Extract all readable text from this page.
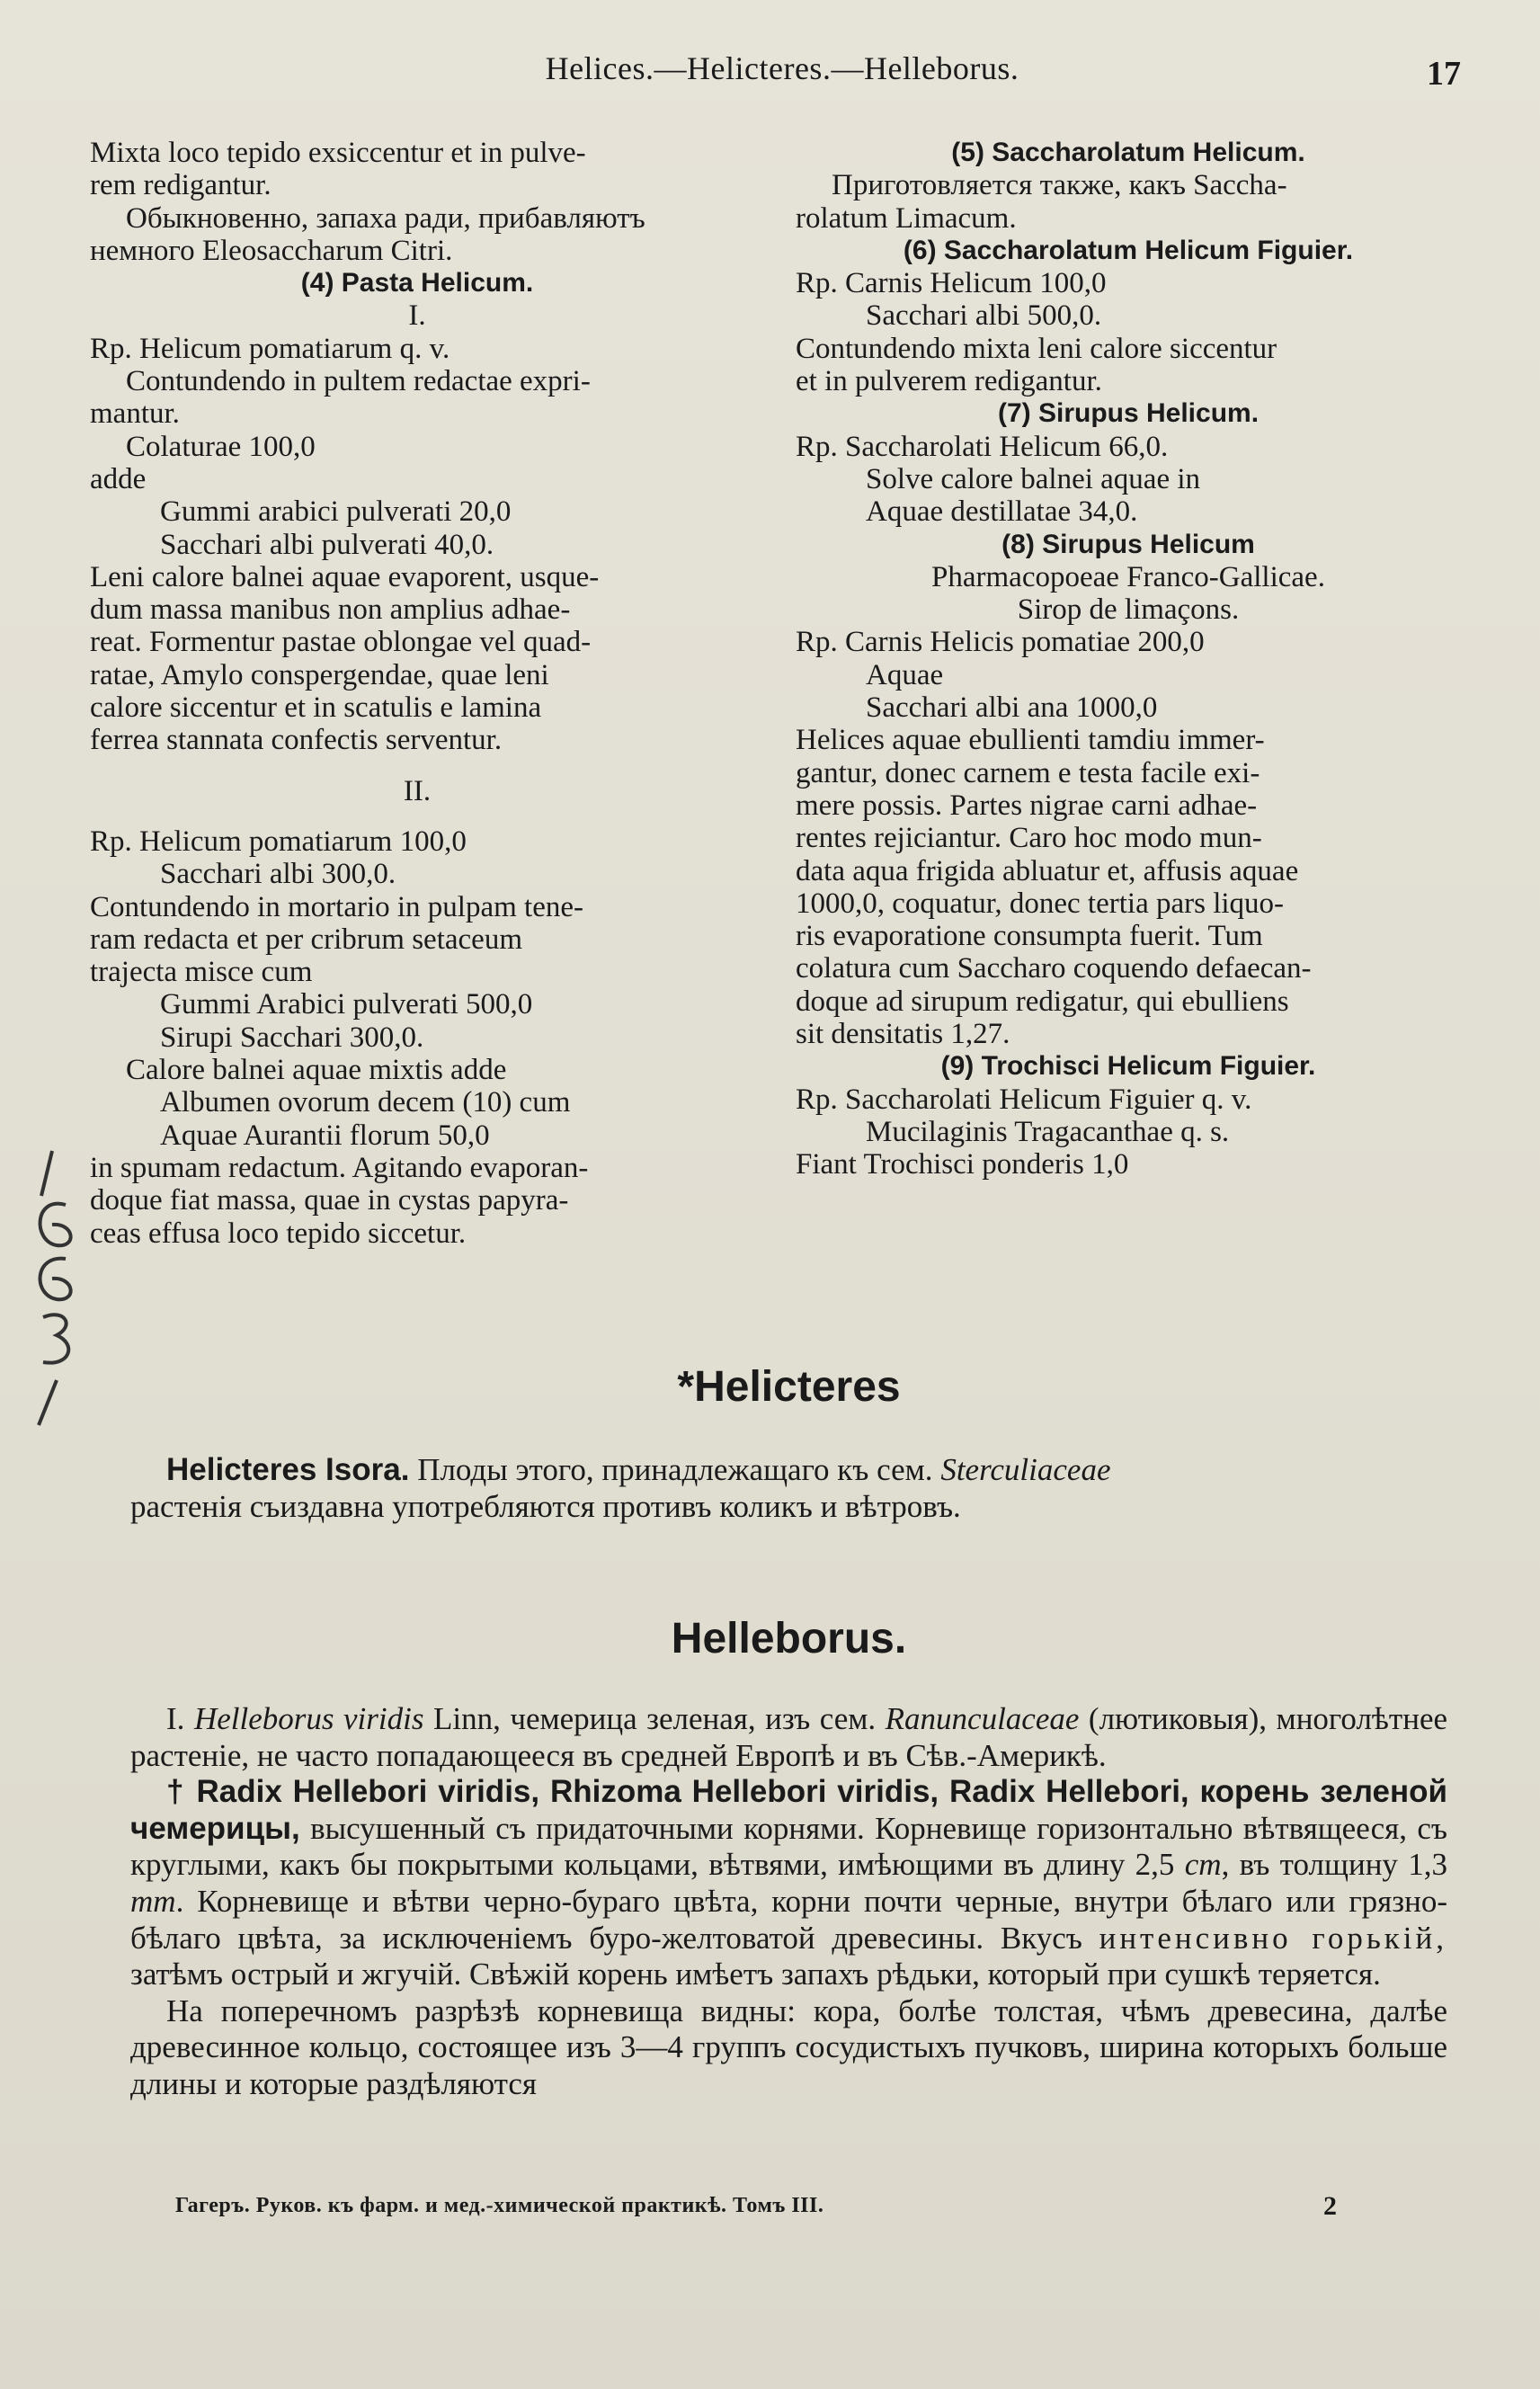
Helices.—Helicteres.—Helleborus.	17

Mixta loco tepido exsiccentur et in pulve-

rem redigantur.

Обыкновенно, запаха ради, прибавляютъ

немного Eleosaccharum Citri.

(4) Pasta Helicum.

I.

Rp. Helicum pomatiarum q. v.

Contundendo in pultem redactae expri-

mantur.

Colaturae 100,0

adde

Gummi arabici pulverati 20,0

Sacchari albi pulverati 40,0.

Leni calore balnei aquae evaporent, usque-

dum massa manibus non amplius adhae-

reat. Formentur pastae oblongae vel quad-

ratae, Amylo conspergendae, quae leni

calore siccentur et in scatulis e lamina

ferrea stannata confectis serventur.

II.

Rp. Helicum pomatiarum 100,0

Sacchari albi 300,0.

Contundendo in mortario in pulpam tene-

ram redacta et per cribrum setaceum

trajecta misce cum

Gummi Arabici pulverati 500,0

Sirupi Sacchari 300,0.

Calore balnei aquae mixtis adde

Albumen ovorum decem (10) cum

Aquae Aurantii florum 50,0

in spumam redactum. Agitando evaporan-

doque fiat massa, quae in cystas papyra-

ceas effusa loco tepido siccetur.

(5) Saccharolatum Helicum.

Приготовляется также, какъ Saccha-

rolatum Limacum.

(6) Saccharolatum Helicum Figuier.

Rp. Carnis Helicum 100,0

Sacchari albi 500,0.

Contundendo mixta leni calore siccentur

et in pulverem redigantur.

(7) Sirupus Helicum.

Rp. Saccharolati Helicum 66,0.

Solve calore balnei aquae in

Aquae destillatae 34,0.

(8) Sirupus Helicum

Pharmacopoeae Franco-Gallicae.

Sirop de limaçons.

Rp. Carnis Helicis pomatiae 200,0

Aquae

Sacchari albi ana 1000,0

Helices aquae ebullienti tamdiu immer-

gantur, donec carnem e testa facile exi-

mere possis. Partes nigrae carni adhae-

rentes rejiciantur. Caro hoc modo mun-

data aqua frigida abluatur et, affusis aquae

1000,0, coquatur, donec tertia pars liquo-

ris evaporatione consumpta fuerit. Tum

colatura cum Saccharo coquendo defaecan-

doque ad sirupum redigatur, qui ebulliens

sit densitatis 1,27.

(9) Trochisci Helicum Figuier.

Rp. Saccharolati Helicum Figuier q. v.

Mucilaginis Tragacanthae q. s.

Fiant Trochisci ponderis 1,0

*Helicteres

Helicteres Isora. Плоды этого, принадлежащаго къ сем. Sterculiaceae

растенія съиздавна употребляются противъ коликъ и вѣтровъ.

Helleborus.

I. Helleborus viridis Linn, чемерица зеленая, изъ сем. Ranunculaceae (лютиковыя), многолѣтнее растеніе, не часто попадающееся въ средней Европѣ и въ Сѣв.-Америкѣ.

† Radix Hellebori viridis, Rhizoma Hellebori viridis, Radix Hellebori, корень зеленой чемерицы, высушенный съ придаточными корнями. Корневище горизонтально вѣтвящееся, съ круглыми, какъ бы покрытыми кольцами, вѣтвями, имѣющими въ длину 2,5 cm, въ толщину 1,3 mm. Корневище и вѣтви черно-бураго цвѣта, корни почти черные, внутри бѣлаго или грязно-бѣлаго цвѣта, за исключеніемъ буро-желтоватой древесины. Вкусъ интенсивно горькій, затѣмъ острый и жгучій. Свѣжій корень имѣетъ запахъ рѣдьки, который при сушкѣ теряется.

На поперечномъ разрѣзѣ корневища видны: кора, болѣе толстая, чѣмъ древесина, далѣе древесинное кольцо, состоящее изъ 3—4 группъ сосудистыхъ пучковъ, ширина которыхъ больше длины и которые раздѣляются

Гагеръ. Руков. къ фарм. и мед.-химической практикѣ. Томъ III.	2
